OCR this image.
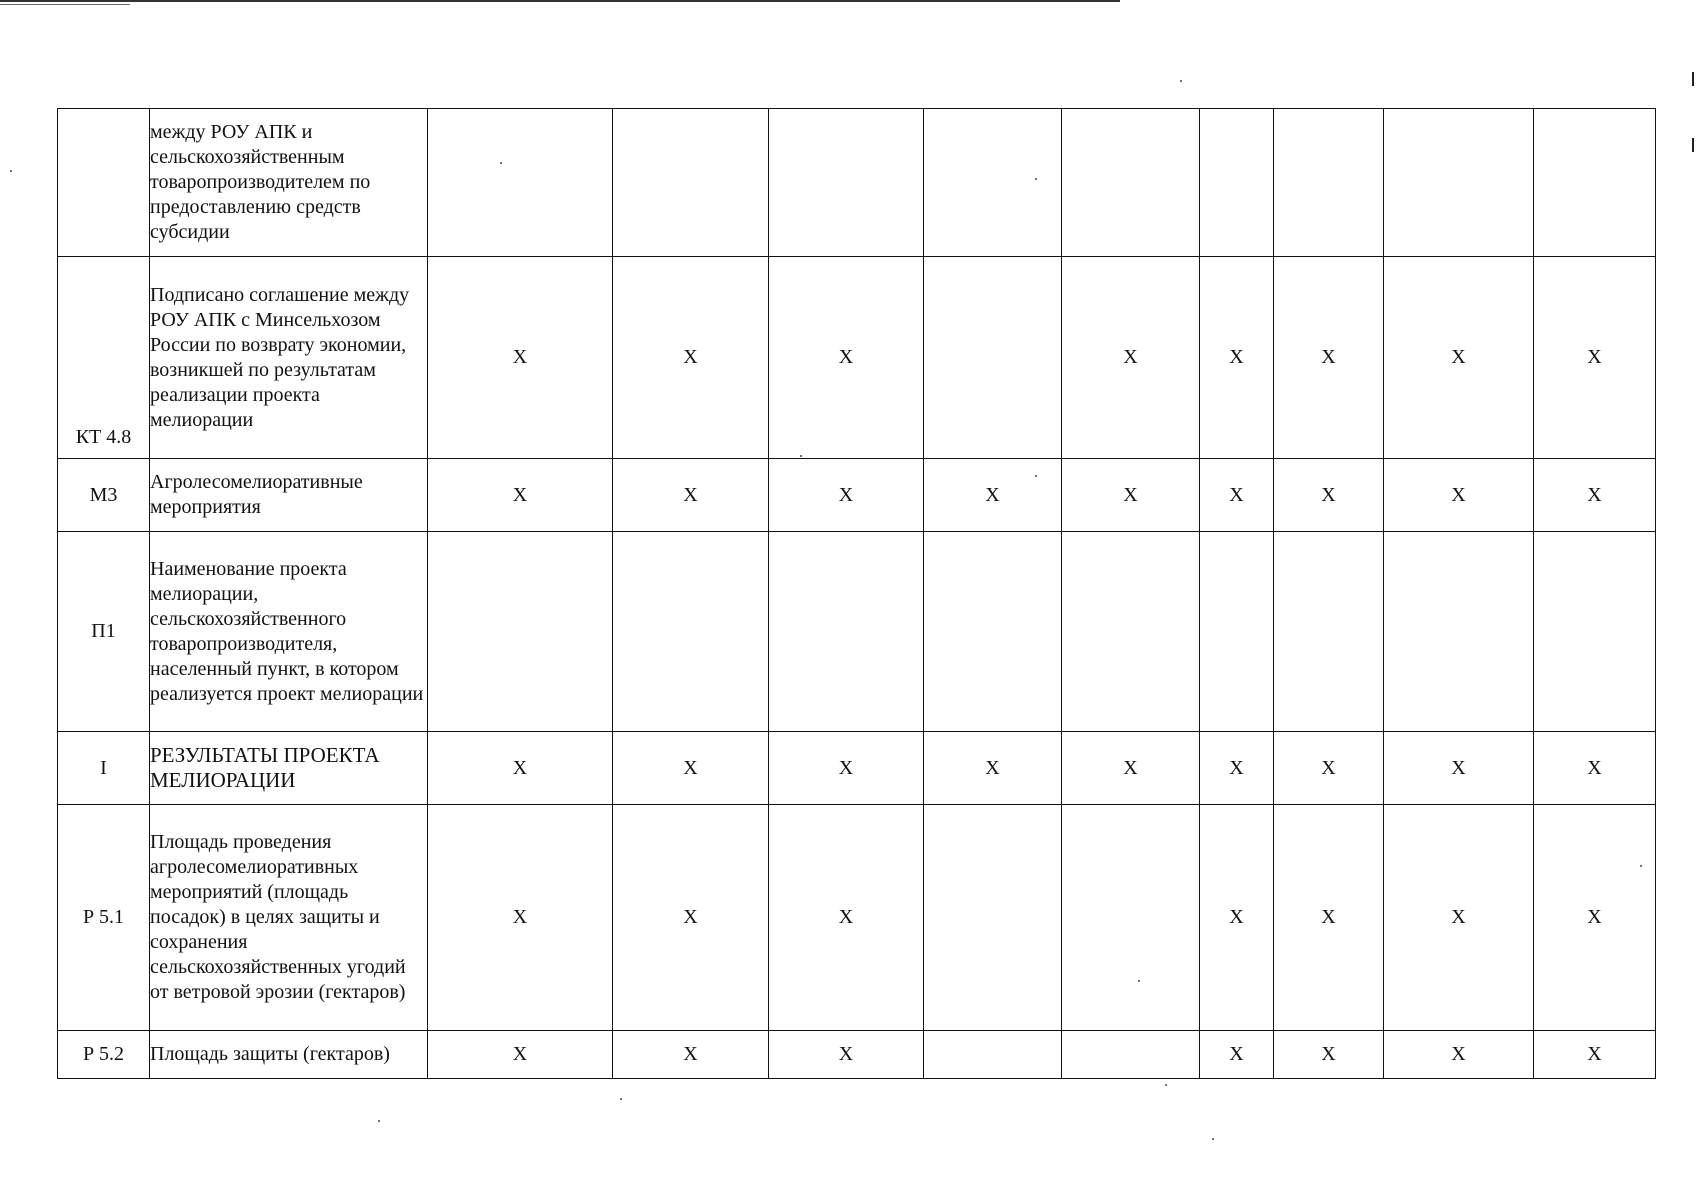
	между РОУ АПК и сельскохозяйственным товаропроизводителем по предоставлению средств субсидии									
КТ 4.8	Подписано соглашение между РОУ АПК с Минсельхозом России по возврату экономии, возникшей по результатам реализации проекта мелиорации	X	X	X		X	X	X	X	X
М3	Агролесомелиоративные мероприятия	X	X	X	X	X	X	X	X	X
П1	Наименование проекта мелиорации, сельскохозяйственного товаропроизводителя, населенный пункт, в котором реализуется проект мелиорации									
I	РЕЗУЛЬТАТЫ ПРОЕКТА МЕЛИОРАЦИИ	X	X	X	X	X	X	X	X	X
Р 5.1	Площадь проведения агролесомелиоративных мероприятий (площадь посадок) в целях защиты и сохранения сельскохозяйственных угодий от ветровой эрозии (гектаров)	X	X	X			X	X	X	X
Р 5.2	Площадь защиты (гектаров)	X	X	X			X	X	X	X
